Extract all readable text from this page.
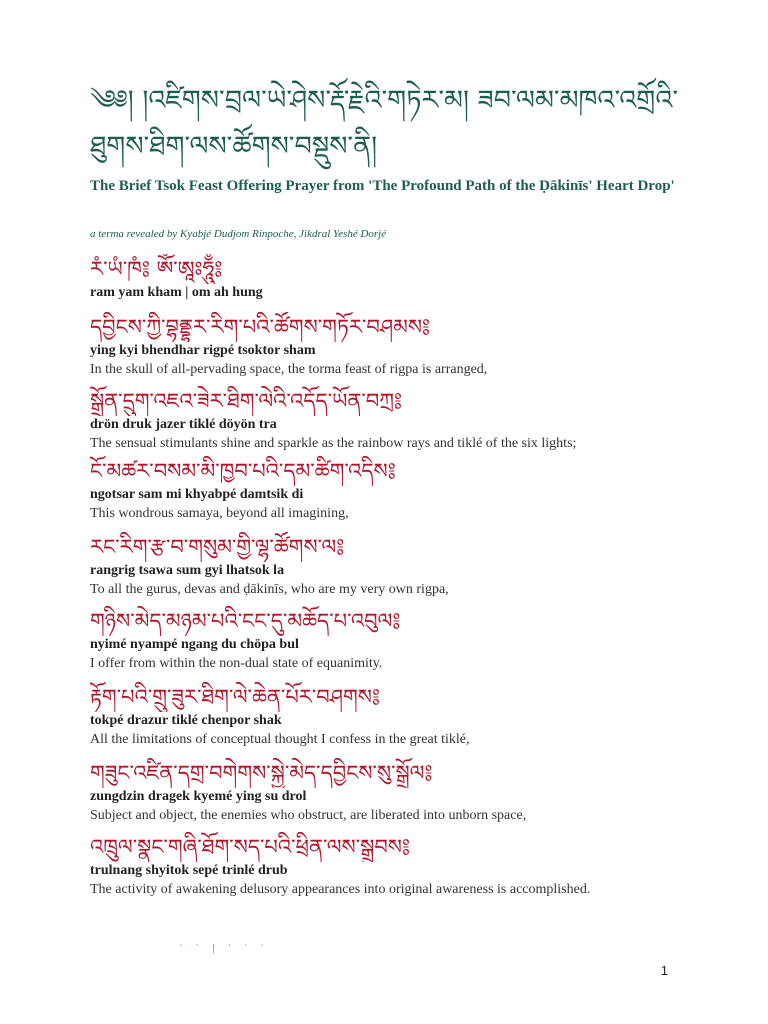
༄༅། །འཛིགས་བྲལ་ཡེ་ཤེས་རྡོ་རྗེའི་གཏེར་མ། ཟབ་ལམ་མཁའ་འགྲོའི་ཐུགས་ཐིག་ལས་ཚོགས་བསྡུས་ནི།
The Brief Tsok Feast Offering Prayer from 'The Profound Path of the Ḍākinīs' Heart Drop'
a terma revealed by Kyabjé Dudjom Rinpoche, Jikdral Yeshé Dorjé
རཾ་ཡཾ་ཁཾ༔ ཨོཾ་ཨཱཿཧཱུྃ༔
ram yam kham | om ah hung
དབྱིངས་ཀྱི་བྷནྡྷར་རིག་པའི་ཚོགས་གཏོར་བཤམས༔
ying kyi bhendhar rigpé tsoktor sham
In the skull of all-pervading space, the torma feast of rigpa is arranged,
སྒྲོན་དྲུག་འཇའ་ཟེར་ཐིག་ལེའི་འདོད་ཡོན་བཀྲ༔
drön druk jazer tiklé döyön tra
The sensual stimulants shine and sparkle as the rainbow rays and tiklé of the six lights;
ངོ་མཚར་བསམ་མི་ཁྱབ་པའི་དམ་ཚིག་འདིས༔
ngotsar sam mi khyabpé damtsik di
This wondrous samaya, beyond all imagining,
རང་རིག་རྩ་བ་གསུམ་གྱི་ལྷ་ཚོགས་ལ༔
rangrig tsawa sum gyi lhatsok la
To all the gurus, devas and ḍākinīs, who are my very own rigpa,
གཉིས་མེད་མཉམ་པའི་ངང་དུ་མཆོད་པ་འབུལ༔
nyimé nyampé ngang du chöpa bul
I offer from within the non-dual state of equanimity.
རྟོག་པའི་གྲུ་ཟུར་ཐིག་ལེ་ཆེན་པོར་བཤགས༔
tokpé drazur tiklé chenpor shak
All the limitations of conceptual thought I confess in the great tiklé,
གཟུང་འཛིན་དགྲ་བགེགས་སྐྱེ་མེད་དབྱིངས་སུ་སྒྲོལ༔
zungdzin dragek kyemé ying su drol
Subject and object, the enemies who obstruct, are liberated into unborn space,
འཁྲུལ་སྣང་གཞི་ཐོག་སད་པའི་ཕྲིན་ལས་སྒྲུབས༔
trulnang shyitok sepé trinlé drub
The activity of awakening delusory appearances into original awareness is accomplished.
་ ་ ། ་ ་ ་
1
